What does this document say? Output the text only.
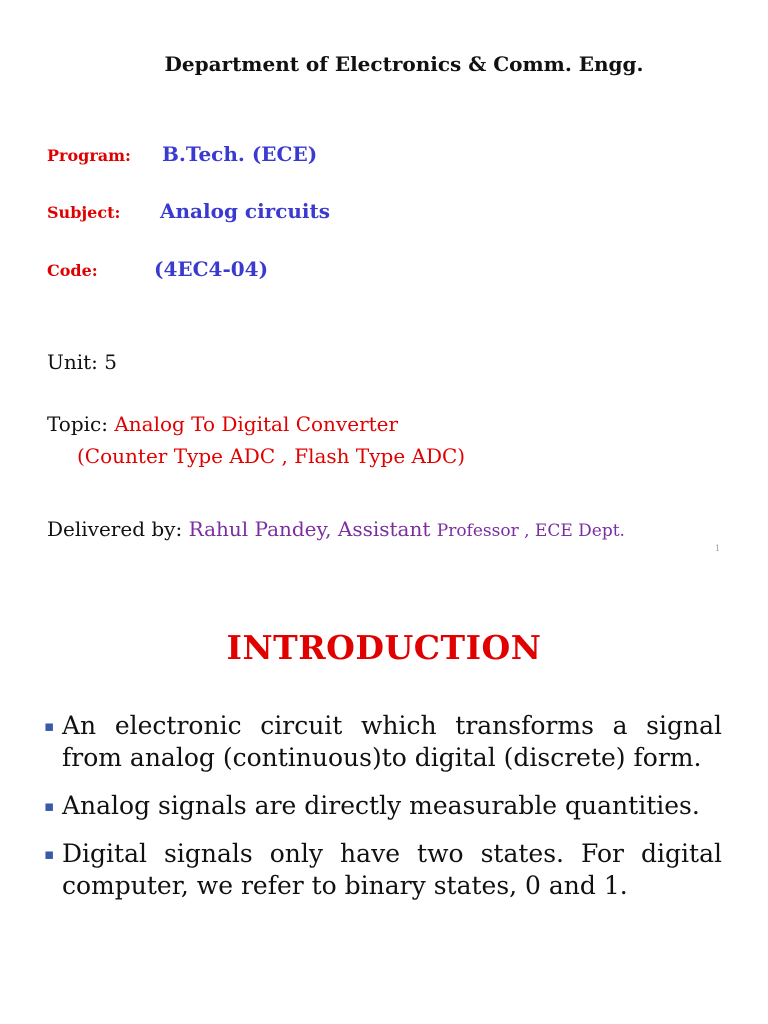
Department of Electronics & Comm. Engg.
Program: B.Tech. (ECE)
Subject: Analog circuits
Code:	(4EC4-04)
Unit: 5
Topic: Analog To Digital Converter
(Counter Type ADC , Flash Type ADC)
Delivered by: Rahul Pandey, Assistant Professor , ECE Dept.
1
INTRODUCTION
▪ An electronic circuit which transforms a signal from analog (continuous)to digital (discrete) form.
▪ Analog signals are directly measurable quantities.
▪ Digital signals only have two states. For digital computer, we refer to binary states, 0 and 1.
